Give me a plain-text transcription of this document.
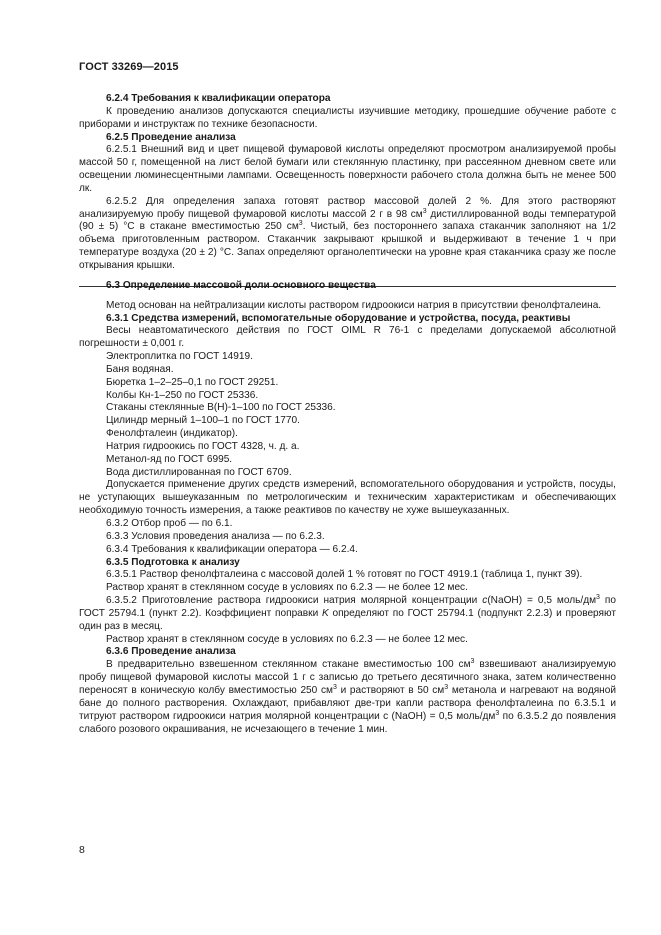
ГОСТ 33269—2015
6.2.4 Требования к квалификации оператора
К проведению анализов допускаются специалисты изучившие методику, прошедшие обучение работе с приборами и инструктаж по технике безопасности.
6.2.5 Проведение анализа
6.2.5.1 Внешний вид и цвет пищевой фумаровой кислоты определяют просмотром анализируемой пробы массой 50 г, помещенной на лист белой бумаги или стеклянную пластинку, при рассеянном дневном свете или освещении люминесцентными лампами. Освещенность поверхности рабочего стола должна быть не менее 500 лк.
6.2.5.2 Для определения запаха готовят раствор массовой долей 2 %. Для этого растворяют анализируемую пробу пищевой фумаровой кислоты массой 2 г в 98 $см^3$ дистиллированной воды температурой (90 ± 5) °С в стакане вместимостью 250 $см^3$. Чистый, без постороннего запаха стаканчик заполняют на 1/2 объема приготовленным раствором. Стаканчик закрывают крышкой и выдерживают в течение 1 ч при температуре воздуха (20 ± 2) °С. Запах определяют органолептически на уровне края стаканчика сразу же после открывания крышки.
6.3 Определение массовой доли основного вещества
Метод основан на нейтрализации кислоты раствором гидроокиси натрия в присутствии фенолфталеина.
6.3.1 Средства измерений, вспомогательные оборудование и устройства, посуда, реактивы
Весы неавтоматического действия по ГОСТ OIML R 76-1 с пределами допускаемой абсолютной погрешности ± 0,001 г.
Электроплитка по ГОСТ 14919.
Баня водяная.
Бюретка 1–2–25–0,1 по ГОСТ 29251.
Колбы Кн-1–250 по ГОСТ 25336.
Стаканы стеклянные В(Н)-1–100 по ГОСТ 25336.
Цилиндр мерный 1–100–1 по ГОСТ 1770.
Фенолфталеин (индикатор).
Натрия гидроокись по ГОСТ 4328, ч. д. а.
Метанол-яд по ГОСТ 6995.
Вода дистиллированная по ГОСТ 6709.
Допускается применение других средств измерений, вспомогательного оборудования и устройств, посуды, не уступающих вышеуказанным по метрологическим и техническим характеристикам и обеспечивающих необходимую точность измерения, а также реактивов по качеству не хуже вышеуказанных.
6.3.2 Отбор проб — по 6.1.
6.3.3 Условия проведения анализа — по 6.2.3.
6.3.4 Требования к квалификации оператора — 6.2.4.
6.3.5 Подготовка к анализу
6.3.5.1 Раствор фенолфталеина с массовой долей 1 % готовят по ГОСТ 4919.1 (таблица 1, пункт 39).
Раствор хранят в стеклянном сосуде в условиях по 6.2.3 — не более 12 мес.
6.3.5.2 Приготовление раствора гидроокиси натрия молярной концентрации c(NaOH) = 0,5 моль/$дм^3$ по ГОСТ 25794.1 (пункт 2.2). Коэффициент поправки K определяют по ГОСТ 25794.1 (подпункт 2.2.3) и проверяют один раз в месяц.
Раствор хранят в стеклянном сосуде в условиях по 6.2.3 — не более 12 мес.
6.3.6 Проведение анализа
В предварительно взвешенном стеклянном стакане вместимостью 100 $см^3$ взвешивают анализируемую пробу пищевой фумаровой кислоты массой 1 г с записью до третьего десятичного знака, затем количественно переносят в коническую колбу вместимостью 250 $см^3$ и растворяют в 50 $см^3$ метанола и нагревают на водяной бане до полного растворения. Охлаждают, прибавляют две-три капли раствора фенолфталеина по 6.3.5.1 и титруют раствором гидроокиси натрия молярной концентрации с (NaOH) = 0,5 моль/$дм^3$ по 6.3.5.2 до появления слабого розового окрашивания, не исчезающего в течение 1 мин.
8
